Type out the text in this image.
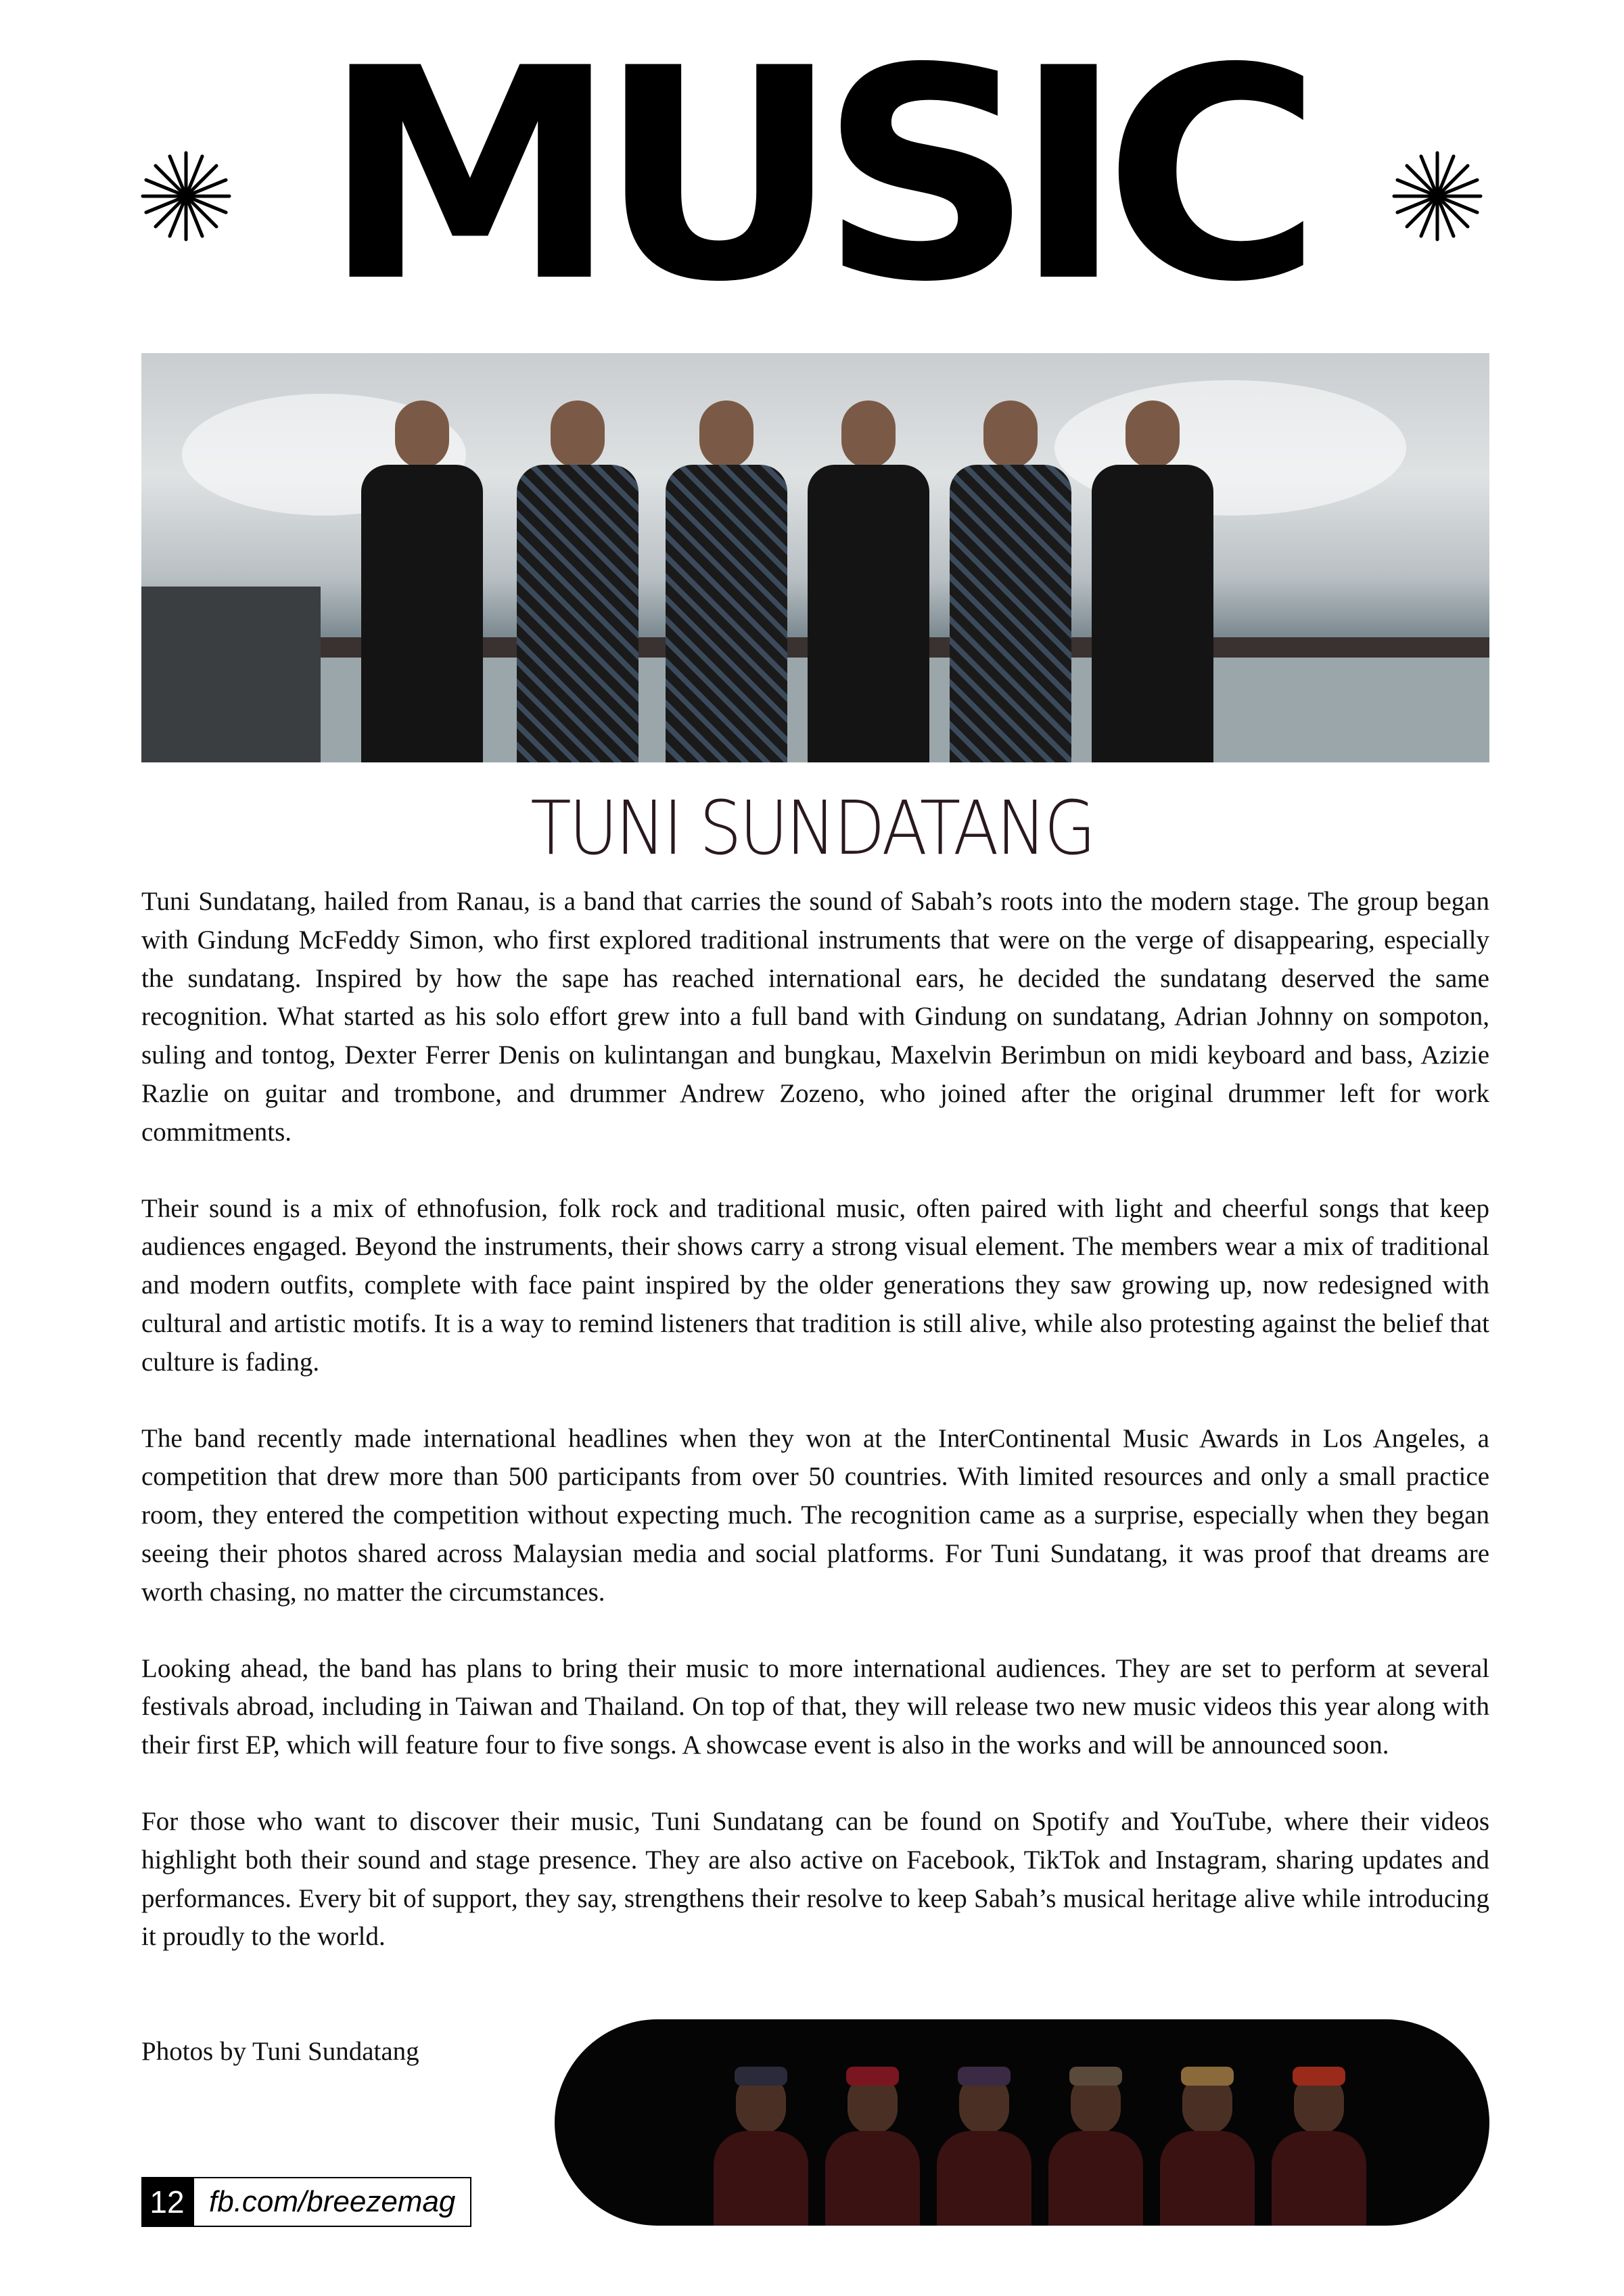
MUSIC
TUNI SUNDATANG

Tuni Sundatang, hailed from Ranau, is a band that carries the sound of Sabah’s roots into the modern stage. The group began with Gindung McFeddy Simon, who first explored traditional instruments that were on the verge of disappearing, especially the sundatang. Inspired by how the sape has reached international ears, he decided the sundatang deserved the same recognition. What started as his solo effort grew into a full band with Gindung on sundatang, Adrian Johnny on sompoton, suling and tontog, Dexter Ferrer Denis on kulintangan and bungkau, Maxelvin Berimbun on midi keyboard and bass, Azizie Razlie on guitar and trombone, and drummer Andrew Zozeno, who joined after the original drummer left for work commitments.

Their sound is a mix of ethnofusion, folk rock and traditional music, often paired with light and cheerful songs that keep audiences engaged. Beyond the instruments, their shows carry a strong visual element. The members wear a mix of traditional and modern outfits, complete with face paint inspired by the older generations they saw growing up, now redesigned with cultural and artistic motifs. It is a way to remind listeners that tradition is still alive, while also protesting against the belief that culture is fading.

The band recently made international headlines when they won at the InterContinental Music Awards in Los Angeles, a competition that drew more than 500 participants from over 50 countries. With limited resources and only a small practice room, they entered the competition without expecting much. The recognition came as a surprise, especially when they began seeing their photos shared across Malaysian media and social platforms. For Tuni Sundatang, it was proof that dreams are worth chasing, no matter the circumstances.

Looking ahead, the band has plans to bring their music to more international audiences. They are set to perform at several festivals abroad, including in Taiwan and Thailand. On top of that, they will release two new music videos this year along with their first EP, which will feature four to five songs. A showcase event is also in the works and will be announced soon.

For those who want to discover their music, Tuni Sundatang can be found on Spotify and YouTube, where their videos highlight both their sound and stage presence. They are also active on Facebook, TikTok and Instagram, sharing updates and performances. Every bit of support, they say, strengthens their resolve to keep Sabah’s musical heritage alive while introducing it proudly to the world.

Photos by Tuni Sundatang
12 fb.com/breezemag
